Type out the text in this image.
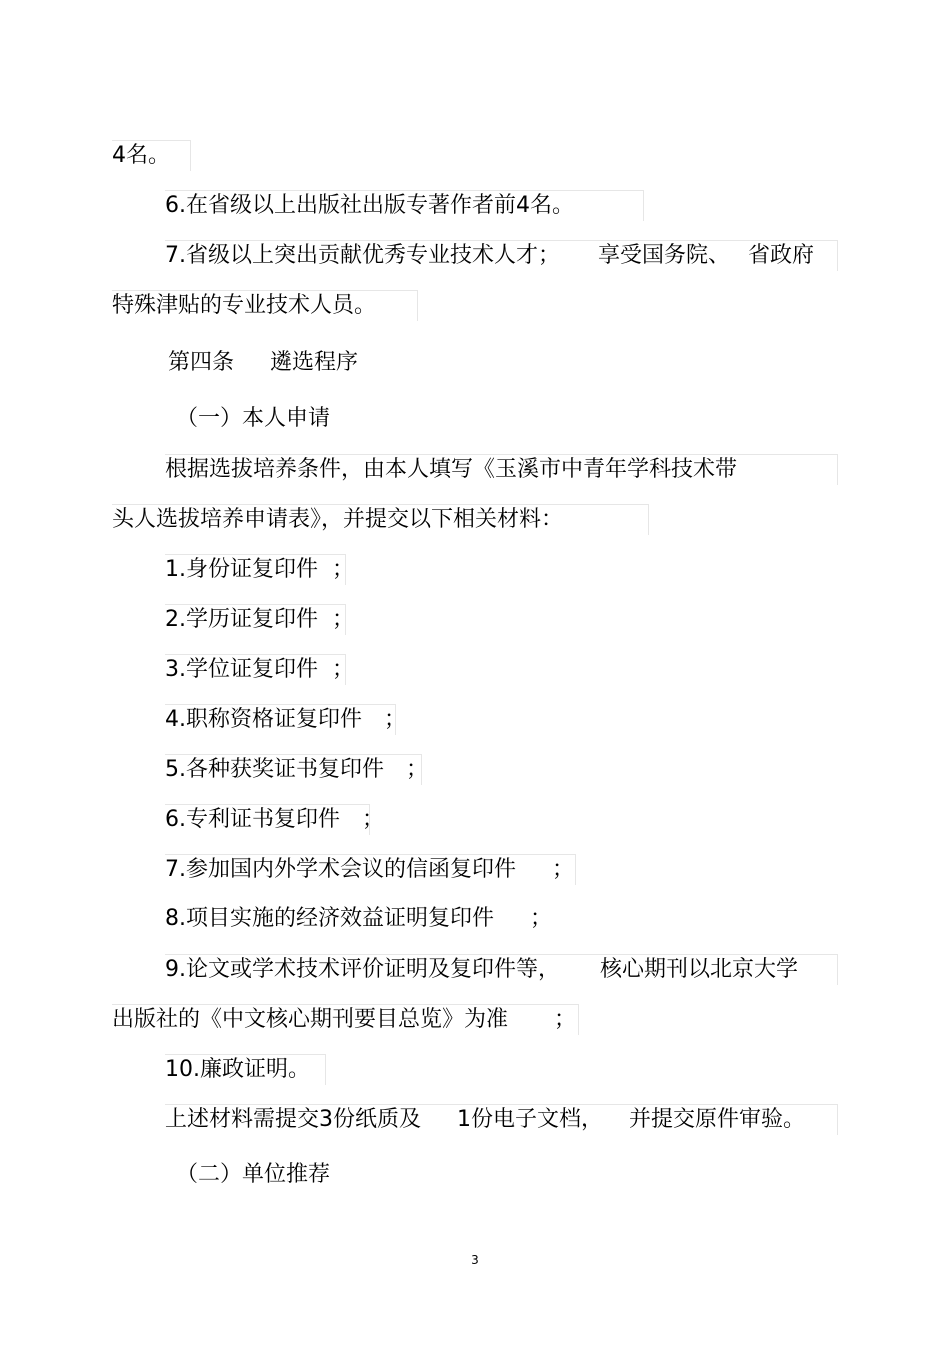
4名。
6.在省级以上出版社出版专著作者前4名。
7.省级以上突出贡献优秀专业技术人才； 享受国务院、 省政府
特殊津贴的专业技术人员。
第四条 遴选程序
（一）本人申请
根据选拔培养条件，由本人填写《玉溪市中青年学科技术带
头人选拔培养申请表》，并提交以下相关材料：
1.身份证复印件 ；
2.学历证复印件 ；
3.学位证复印件 ；
4.职称资格证复印件 ；
5.各种获奖证书复印件 ；
6.专利证书复印件 ；
7.参加国内外学术会议的信函复印件 ；
8.项目实施的经济效益证明复印件 ；
9.论文或学术技术评价证明及复印件等， 核心期刊以北京大学
出版社的《中文核心期刊要目总览》为准 ；
10.廉政证明。
上述材料需提交3份纸质及 1份电子文档， 并提交原件审验。
（二）单位推荐
3
